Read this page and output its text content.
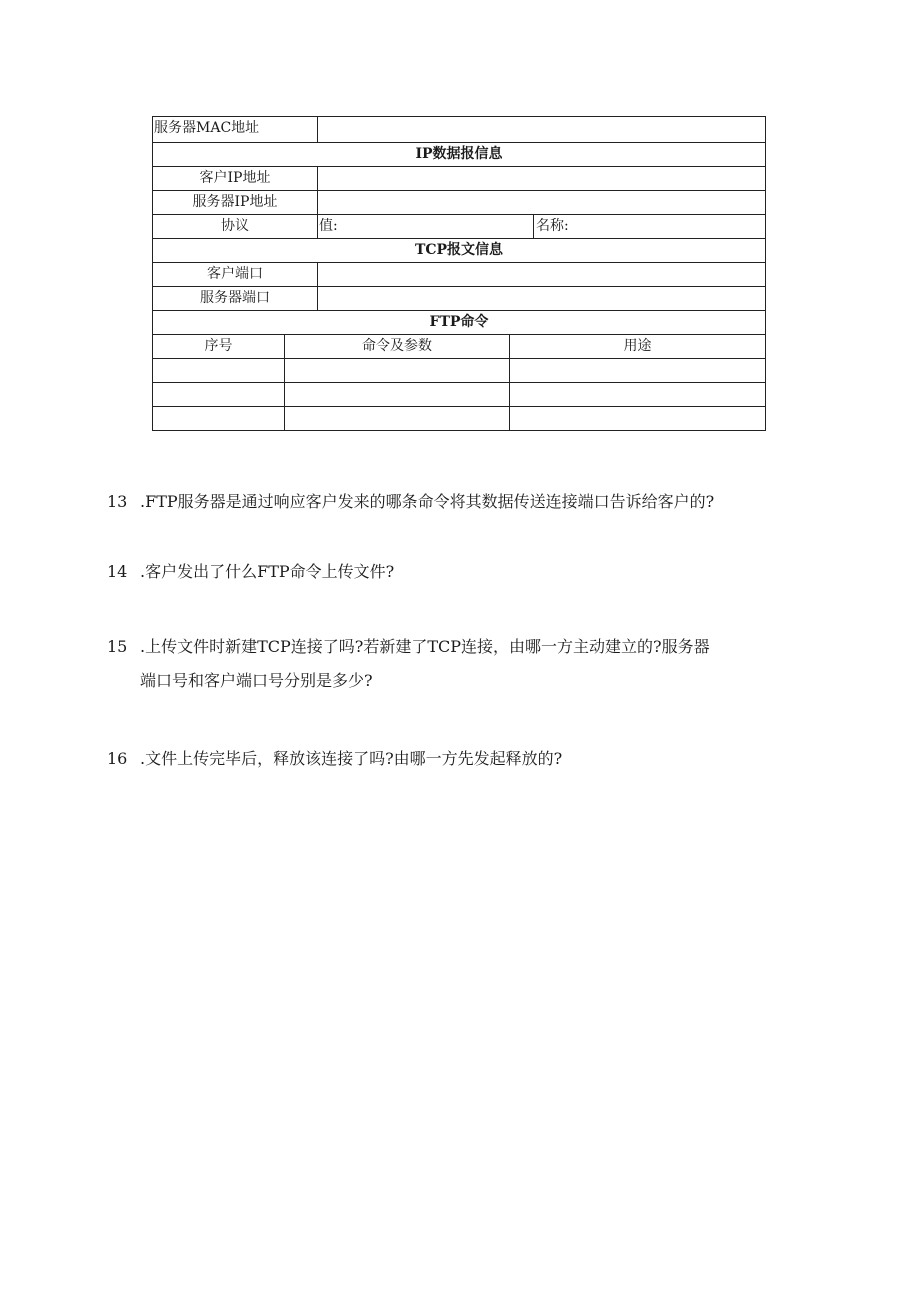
服务器MAC地址
IP数据报信息
客户IP地址
服务器IP地址
协议	值:	名称:
TCP报文信息
客户端口
服务器端口
FTP命令
序号	命令及参数	用途

13 .FTP服务器是通过响应客户发来的哪条命令将其数据传送连接端口告诉给客户的?

14 .客户发出了什么FTP命令上传文件?

15 .上传文件时新建TCP连接了吗?若新建了TCP连接，由哪一方主动建立的?服务器
端口号和客户端口号分别是多少?

16 .文件上传完毕后，释放该连接了吗?由哪一方先发起释放的?
